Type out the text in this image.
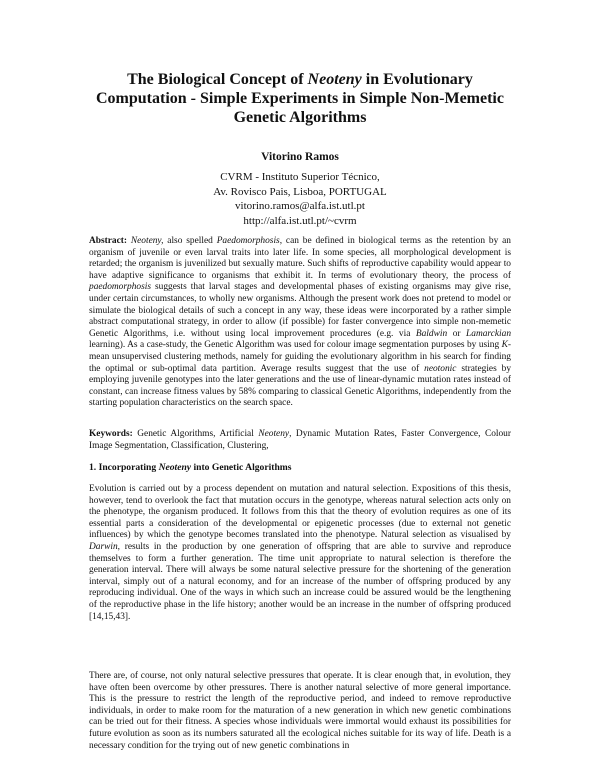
The Biological Concept of Neoteny in Evolutionary Computation - Simple Experiments in Simple Non-Memetic Genetic Algorithms
Vitorino Ramos
CVRM - Instituto Superior Técnico,
Av. Rovisco Pais, Lisboa, PORTUGAL
vitorino.ramos@alfa.ist.utl.pt
http://alfa.ist.utl.pt/~cvrm
Abstract: Neoteny, also spelled Paedomorphosis, can be defined in biological terms as the retention by an organism of juvenile or even larval traits into later life. In some species, all morphological development is retarded; the organism is juvenilized but sexually mature. Such shifts of reproductive capability would appear to have adaptive significance to organisms that exhibit it. In terms of evolutionary theory, the process of paedomorphosis suggests that larval stages and developmental phases of existing organisms may give rise, under certain circumstances, to wholly new organisms. Although the present work does not pretend to model or simulate the biological details of such a concept in any way, these ideas were incorporated by a rather simple abstract computational strategy, in order to allow (if possible) for faster convergence into simple non-memetic Genetic Algorithms, i.e. without using local improvement procedures (e.g. via Baldwin or Lamarckian learning). As a case-study, the Genetic Algorithm was used for colour image segmentation purposes by using K-mean unsupervised clustering methods, namely for guiding the evolutionary algorithm in his search for finding the optimal or sub-optimal data partition. Average results suggest that the use of neotonic strategies by employing juvenile genotypes into the later generations and the use of linear-dynamic mutation rates instead of constant, can increase fitness values by 58% comparing to classical Genetic Algorithms, independently from the starting population characteristics on the search space.
Keywords: Genetic Algorithms, Artificial Neoteny, Dynamic Mutation Rates, Faster Convergence, Colour Image Segmentation, Classification, Clustering,
1. Incorporating Neoteny into Genetic Algorithms
Evolution is carried out by a process dependent on mutation and natural selection. Expositions of this thesis, however, tend to overlook the fact that mutation occurs in the genotype, whereas natural selection acts only on the phenotype, the organism produced. It follows from this that the theory of evolution requires as one of its essential parts a consideration of the developmental or epigenetic processes (due to external not genetic influences) by which the genotype becomes translated into the phenotype. Natural selection as visualised by Darwin, results in the production by one generation of offspring that are able to survive and reproduce themselves to form a further generation. The time unit appropriate to natural selection is therefore the generation interval. There will always be some natural selective pressure for the shortening of the generation interval, simply out of a natural economy, and for an increase of the number of offspring produced by any reproducing individual. One of the ways in which such an increase could be assured would be the lengthening of the reproductive phase in the life history; another would be an increase in the number of offspring produced [14,15,43].
There are, of course, not only natural selective pressures that operate. It is clear enough that, in evolution, they have often been overcome by other pressures. There is another natural selective of more general importance. This is the pressure to restrict the length of the reproductive period, and indeed to remove reproductive individuals, in order to make room for the maturation of a new generation in which new genetic combinations can be tried out for their fitness. A species whose individuals were immortal would exhaust its possibilities for future evolution as soon as its numbers saturated all the ecological niches suitable for its way of life. Death is a necessary condition for the trying out of new genetic combinations in
